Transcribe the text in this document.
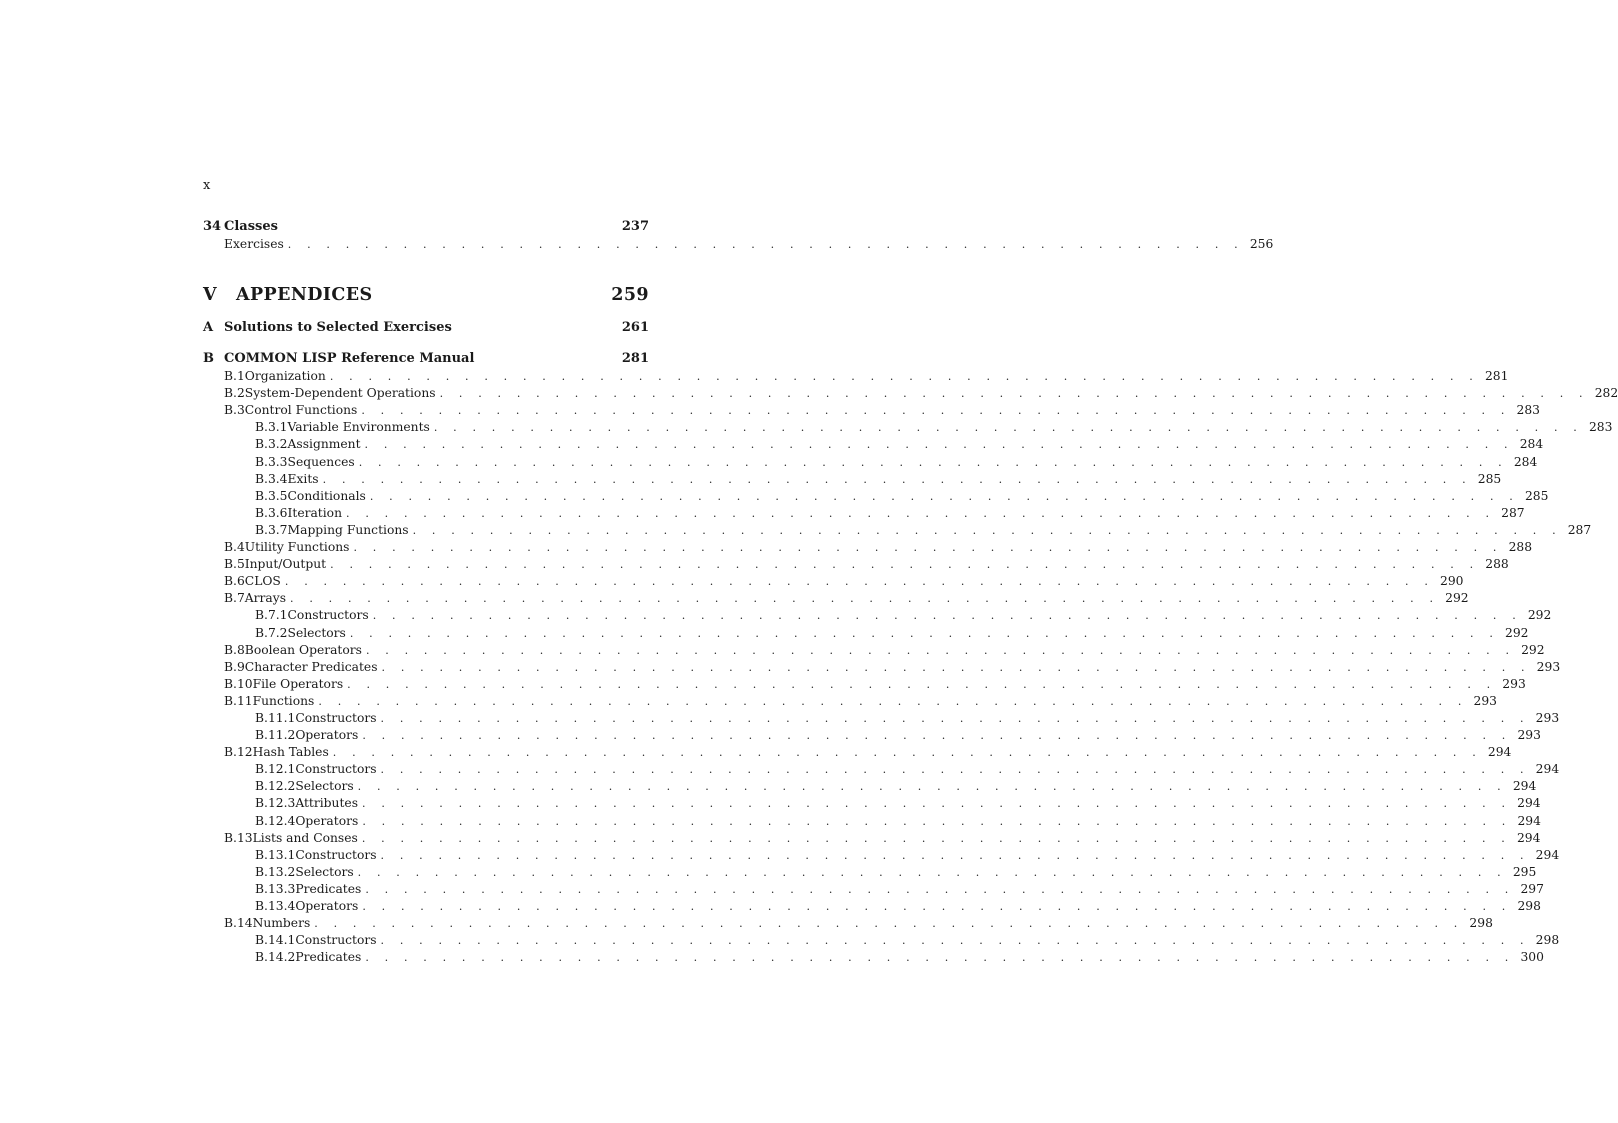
x
34 Classes	237
Exercises . . . . . . . . . . . . . . . . . . . . . . . . . . . . . . . . . . . . . . . . . . . . . . . . . . 256
V	APPENDICES	259
A Solutions to Selected Exercises	261
B COMMON LISP Reference Manual	281
B.1 Organization . . . . . . . . . . . . . . . . . . . . . . . . . . . . . . . . . . . . . . . . . . . . . . . . . . . . . . . . . . . . 281
B.2 System-Dependent Operations . . . . . . . . . . . . . . . . . . . . . . . . . . . . . . . . . . . . . . . . . . . . . . . . . . . . . . . . . . . . 282
B.3 Control Functions . . . . . . . . . . . . . . . . . . . . . . . . . . . . . . . . . . . . . . . . . . . . . . . . . . . . . . . . . . . . 283
B.3.1 Variable Environments . . . . . . . . . . . . . . . . . . . . . . . . . . . . . . . . . . . . . . . . . . . . . . . . . . . . . . . . . . . . 283
B.3.2 Assignment . . . . . . . . . . . . . . . . . . . . . . . . . . . . . . . . . . . . . . . . . . . . . . . . . . . . . . . . . . . . 284
B.3.3 Sequences . . . . . . . . . . . . . . . . . . . . . . . . . . . . . . . . . . . . . . . . . . . . . . . . . . . . . . . . . . . . 284
B.3.4 Exits . . . . . . . . . . . . . . . . . . . . . . . . . . . . . . . . . . . . . . . . . . . . . . . . . . . . . . . . . . . . 285
B.3.5 Conditionals . . . . . . . . . . . . . . . . . . . . . . . . . . . . . . . . . . . . . . . . . . . . . . . . . . . . . . . . . . . . 285
B.3.6 Iteration . . . . . . . . . . . . . . . . . . . . . . . . . . . . . . . . . . . . . . . . . . . . . . . . . . . . . . . . . . . . 287
B.3.7 Mapping Functions . . . . . . . . . . . . . . . . . . . . . . . . . . . . . . . . . . . . . . . . . . . . . . . . . . . . . . . . . . . . 287
B.4 Utility Functions . . . . . . . . . . . . . . . . . . . . . . . . . . . . . . . . . . . . . . . . . . . . . . . . . . . . . . . . . . . . 288
B.5 Input/Output . . . . . . . . . . . . . . . . . . . . . . . . . . . . . . . . . . . . . . . . . . . . . . . . . . . . . . . . . . . . 288
B.6 CLOS . . . . . . . . . . . . . . . . . . . . . . . . . . . . . . . . . . . . . . . . . . . . . . . . . . . . . . . . . . . . 290
B.7 Arrays . . . . . . . . . . . . . . . . . . . . . . . . . . . . . . . . . . . . . . . . . . . . . . . . . . . . . . . . . . . . 292
B.7.1 Constructors . . . . . . . . . . . . . . . . . . . . . . . . . . . . . . . . . . . . . . . . . . . . . . . . . . . . . . . . . . . . 292
B.7.2 Selectors . . . . . . . . . . . . . . . . . . . . . . . . . . . . . . . . . . . . . . . . . . . . . . . . . . . . . . . . . . . . 292
B.8 Boolean Operators . . . . . . . . . . . . . . . . . . . . . . . . . . . . . . . . . . . . . . . . . . . . . . . . . . . . . . . . . . . . 292
B.9 Character Predicates . . . . . . . . . . . . . . . . . . . . . . . . . . . . . . . . . . . . . . . . . . . . . . . . . . . . . . . . . . . . 293
B.10 File Operators . . . . . . . . . . . . . . . . . . . . . . . . . . . . . . . . . . . . . . . . . . . . . . . . . . . . . . . . . . . . 293
B.11 Functions . . . . . . . . . . . . . . . . . . . . . . . . . . . . . . . . . . . . . . . . . . . . . . . . . . . . . . . . . . . . 293
B.11.1 Constructors . . . . . . . . . . . . . . . . . . . . . . . . . . . . . . . . . . . . . . . . . . . . . . . . . . . . . . . . . . . . 293
B.11.2 Operators . . . . . . . . . . . . . . . . . . . . . . . . . . . . . . . . . . . . . . . . . . . . . . . . . . . . . . . . . . . . 293
B.12 Hash Tables . . . . . . . . . . . . . . . . . . . . . . . . . . . . . . . . . . . . . . . . . . . . . . . . . . . . . . . . . . . . 294
B.12.1 Constructors . . . . . . . . . . . . . . . . . . . . . . . . . . . . . . . . . . . . . . . . . . . . . . . . . . . . . . . . . . . . 294
B.12.2 Selectors . . . . . . . . . . . . . . . . . . . . . . . . . . . . . . . . . . . . . . . . . . . . . . . . . . . . . . . . . . . . 294
B.12.3 Attributes . . . . . . . . . . . . . . . . . . . . . . . . . . . . . . . . . . . . . . . . . . . . . . . . . . . . . . . . . . . . 294
B.12.4 Operators . . . . . . . . . . . . . . . . . . . . . . . . . . . . . . . . . . . . . . . . . . . . . . . . . . . . . . . . . . . . 294
B.13 Lists and Conses . . . . . . . . . . . . . . . . . . . . . . . . . . . . . . . . . . . . . . . . . . . . . . . . . . . . . . . . . . . . 294
B.13.1 Constructors . . . . . . . . . . . . . . . . . . . . . . . . . . . . . . . . . . . . . . . . . . . . . . . . . . . . . . . . . . . . 294
B.13.2 Selectors . . . . . . . . . . . . . . . . . . . . . . . . . . . . . . . . . . . . . . . . . . . . . . . . . . . . . . . . . . . . 295
B.13.3 Predicates . . . . . . . . . . . . . . . . . . . . . . . . . . . . . . . . . . . . . . . . . . . . . . . . . . . . . . . . . . . . 297
B.13.4 Operators . . . . . . . . . . . . . . . . . . . . . . . . . . . . . . . . . . . . . . . . . . . . . . . . . . . . . . . . . . . . 298
B.14 Numbers . . . . . . . . . . . . . . . . . . . . . . . . . . . . . . . . . . . . . . . . . . . . . . . . . . . . . . . . . . . . 298
B.14.1 Constructors . . . . . . . . . . . . . . . . . . . . . . . . . . . . . . . . . . . . . . . . . . . . . . . . . . . . . . . . . . . . 298
B.14.2 Predicates . . . . . . . . . . . . . . . . . . . . . . . . . . . . . . . . . . . . . . . . . . . . . . . . . . . . . . . . . . . . 300
